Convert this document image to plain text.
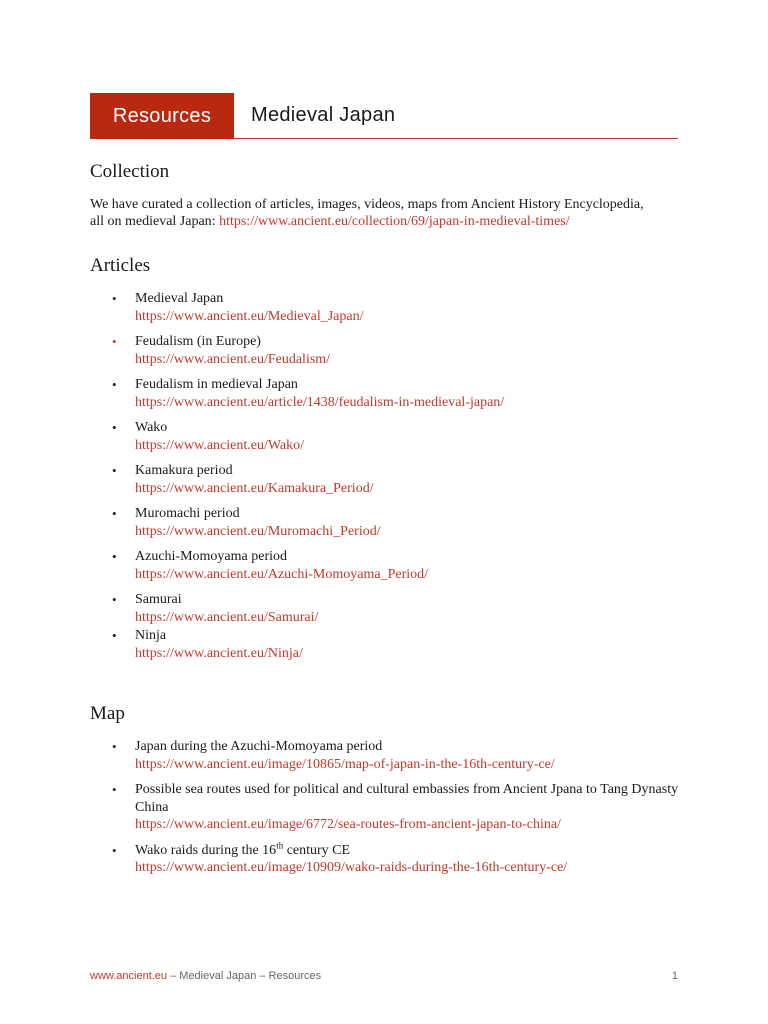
Resources	Medieval Japan
Collection

We have curated a collection of articles, images, videos, maps from Ancient History Encyclopedia, all on medieval Japan: https://www.ancient.eu/collection/69/japan-in-medieval-times/

Articles
• Medieval Japan
https://www.ancient.eu/Medieval_Japan/
• Feudalism (in Europe)
https://www.ancient.eu/Feudalism/
• Feudalism in medieval Japan
https://www.ancient.eu/article/1438/feudalism-in-medieval-japan/
• Wako
https://www.ancient.eu/Wako/
• Kamakura period
https://www.ancient.eu/Kamakura_Period/
• Muromachi period
https://www.ancient.eu/Muromachi_Period/
• Azuchi-Momoyama period
https://www.ancient.eu/Azuchi-Momoyama_Period/
• Samurai
https://www.ancient.eu/Samurai/
• Ninja
https://www.ancient.eu/Ninja/
Map
• Japan during the Azuchi-Momoyama period
https://www.ancient.eu/image/10865/map-of-japan-in-the-16th-century-ce/
• Possible sea routes used for political and cultural embassies from Ancient Jpana to Tang Dynasty China
https://www.ancient.eu/image/6772/sea-routes-from-ancient-japan-to-china/
• Wako raids during the 16th century CE
https://www.ancient.eu/image/10909/wako-raids-during-the-16th-century-ce/
www.ancient.eu – Medieval Japan – Resources	1
